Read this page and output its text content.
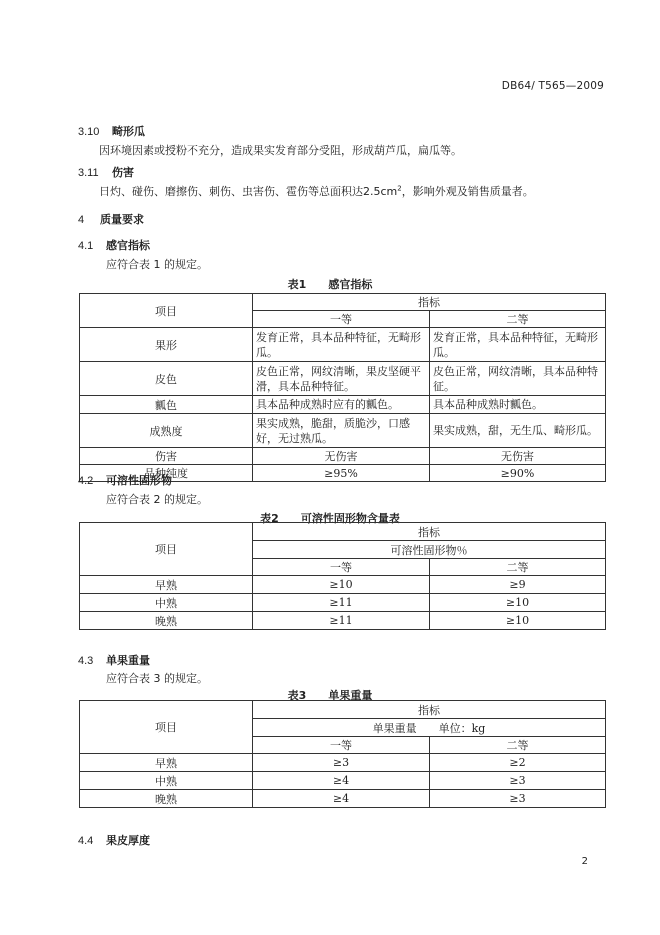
DB64/ T565—2009
3.10 畸形瓜
因环境因素或授粉不充分，造成果实发育部分受阻，形成葫芦瓜，扁瓜等。
3.11 伤害
日灼、碰伤、磨擦伤、刺伤、虫害伤、雹伤等总面积达$2.5cm^2$，影响外观及销售质量者。
4 质量要求
4.1 感官指标
应符合表 1 的规定。
表1　　感官指标
项目	指标	
	一等	二等
果形	发育正常，具本品种特征，无畸形瓜。	发育正常，具本品种特征，无畸形瓜。
皮色	皮色正常，网纹清晰，果皮坚硬平滑，具本品种特征。	皮色正常，网纹清晰，具本品种特征。
瓤色	具本品种成熟时应有的瓤色。	具本品种成熟时瓤色。
成熟度	果实成熟，脆甜，质脆沙，口感好，无过熟瓜。	果实成熟，甜，无生瓜、畸形瓜。
伤害	无伤害	无伤害
品种纯度	≥95%	≥90%
4.2 可溶性固形物
应符合表 2 的规定。
表2　　可溶性固形物含量表
项目	指标	
	可溶性固形物％	
	一等	二等
早熟	≥10	≥9
中熟	≥11	≥10
晚熟	≥11	≥10
4.3 单果重量
应符合表 3 的规定。
表3　　单果重量
项目	指标	
	单果重量　　单位：kg	
	一等	二等
早熟	≥3	≥2
中熟	≥4	≥3
晚熟	≥4	≥3
4.4 果皮厚度
2
